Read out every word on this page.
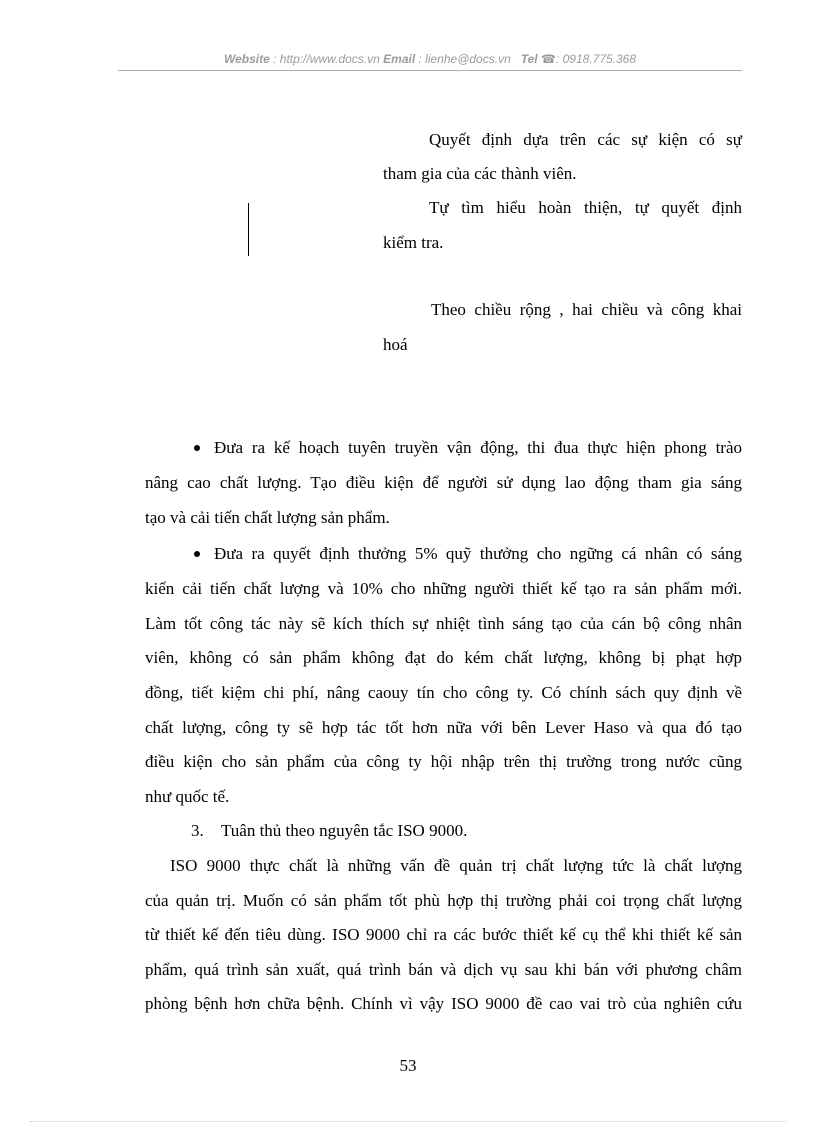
Website : http://www.docs.vn Email : lienhe@docs.vn   Tel ☎: 0918.775.368
Quyết định dựa trên các sự kiện có sự
tham gia của các thành viên.
Tự tìm hiểu hoàn thiện, tự quyết định
kiểm tra.
Theo chiều rộng , hai chiều và công khai
hoá
Đưa ra kế hoạch tuyên truyền vận động, thi đua thực hiện phong trào
nâng cao chất lượng. Tạo điều kiện để người sử dụng lao động tham gia sáng
tạo và cải tiến chất lượng sản phẩm.
Đưa ra quyết định thưởng 5% quỹ thưởng cho ngững cá nhân có sáng
kiến cải tiến chất lượng và 10% cho những người thiết kế tạo ra sản phẩm mới.
Làm tốt công tác này sẽ kích thích sự nhiệt tình sáng tạo của cán bộ công nhân
viên, không có sản phẩm không đạt do kém chất lượng, không bị phạt hợp
đồng, tiết kiệm chi phí, nâng caouy tín cho công ty. Có chính sách quy định về
chất lượng, công ty sẽ hợp tác tốt hơn nữa với bên Lever Haso và qua đó tạo
điều kiện cho sản phẩm của công ty hội nhập trên thị trường trong nước cũng
như quốc tế.
3. Tuân thủ theo nguyên tắc ISO 9000.
ISO 9000 thực chất là những vấn đề quản trị chất lượng tức là chất lượng
của quản trị. Muốn có sản phẩm tốt phù hợp thị trường phải coi trọng chất lượng
từ thiết kế đến tiêu dùng. ISO 9000 chỉ ra các bước thiết kế cụ thể khi thiết kế sản
phẩm, quá trình sản xuất, quá trình bán và dịch vụ sau khi bán với phương châm
phòng bệnh hơn chữa bệnh. Chính vì vậy ISO 9000 đề cao vai trò của nghiên cứu
53
